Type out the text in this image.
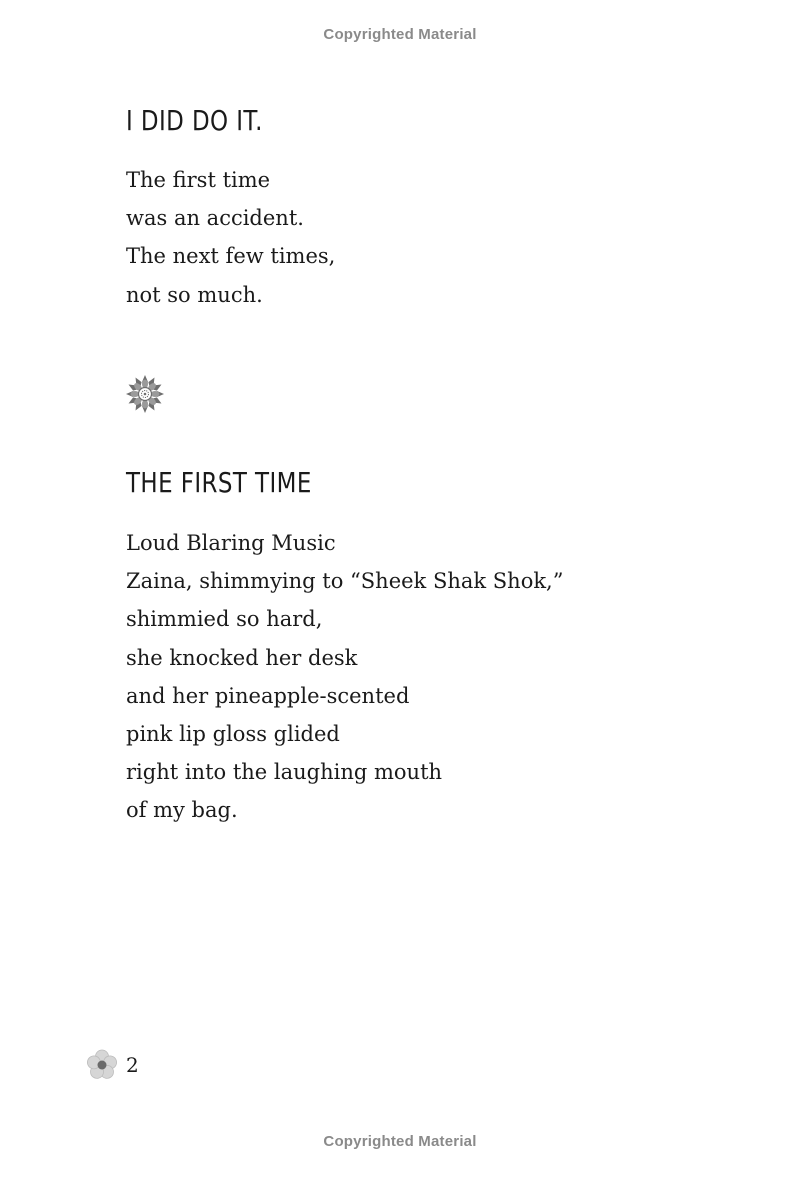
Copyrighted Material
I DID DO IT.
The first time
was an accident.
The next few times,
not so much.
THE FIRST TIME
Loud Blaring Music
Zaina, shimmying to “Sheek Shak Shok,”
shimmied so hard,
she knocked her desk
and her pineapple-scented
pink lip gloss glided
right into the laughing mouth
of my bag.
2
Copyrighted Material
